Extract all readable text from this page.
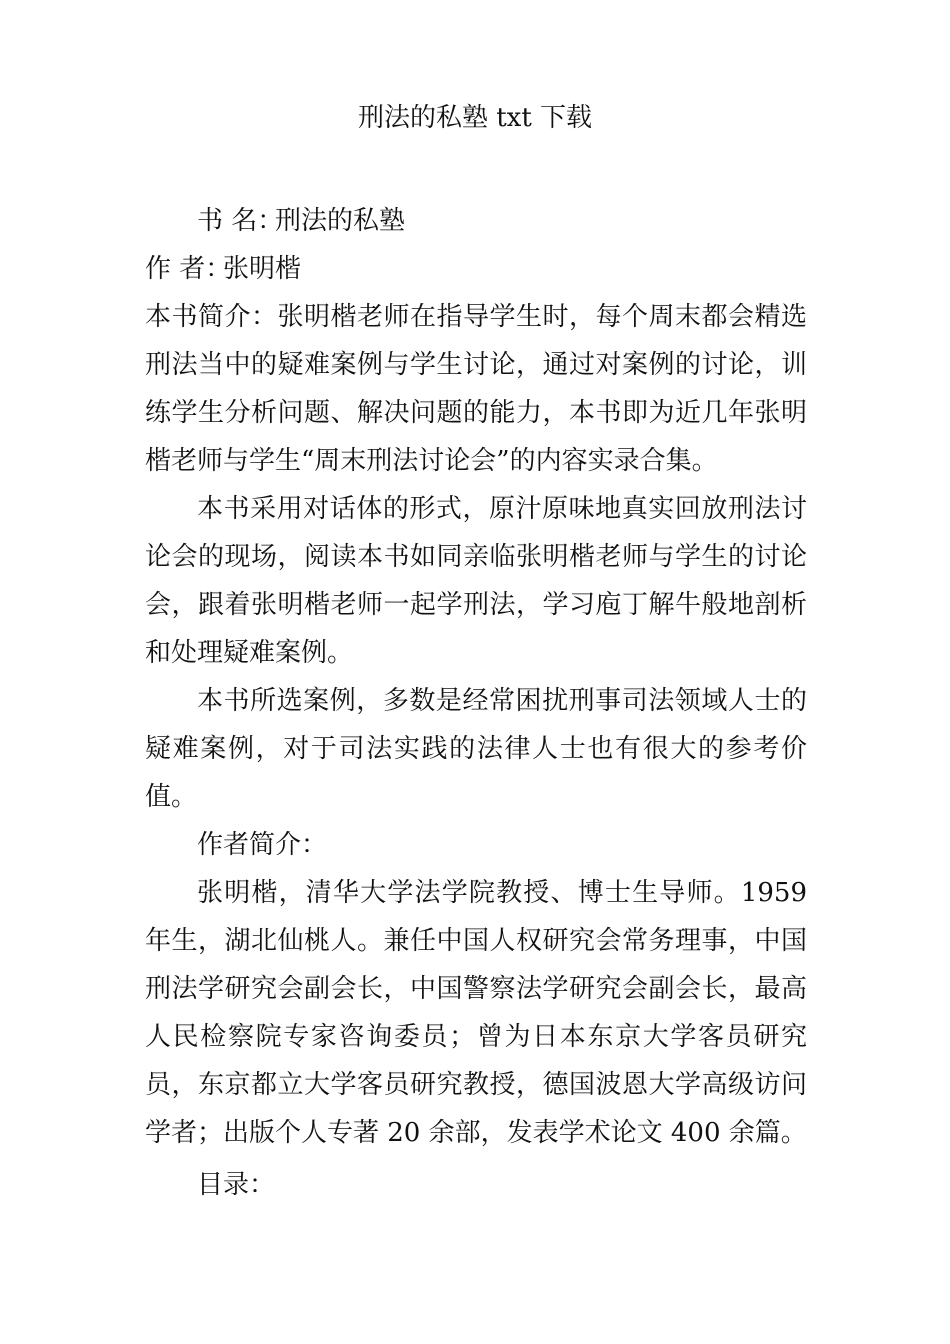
刑法的私塾 txt 下载

书 名：刑法的私塾

作 者：张明楷

本书简介：张明楷老师在指导学生时，每个周末都会精选刑法当中的疑难案例与学生讨论，通过对案例的讨论，训练学生分析问题、解决问题的能力，本书即为近几年张明楷老师与学生“周末刑法讨论会”的内容实录合集。

本书采用对话体的形式，原汁原味地真实回放刑法讨论会的现场，阅读本书如同亲临张明楷老师与学生的讨论会，跟着张明楷老师一起学刑法，学习庖丁解牛般地剖析和处理疑难案例。

本书所选案例，多数是经常困扰刑事司法领域人士的疑难案例，对于司法实践的法律人士也有很大的参考价值。

作者简介：

张明楷，清华大学法学院教授、博士生导师。1959 年生，湖北仙桃人。兼任中国人权研究会常务理事，中国刑法学研究会副会长，中国警察法学研究会副会长，最高人民检察院专家咨询委员；曾为日本东京大学客员研究员，东京都立大学客员研究教授，德国波恩大学高级访问学者；出版个人专著 20 余部，发表学术论文 400 余篇。

目录：
